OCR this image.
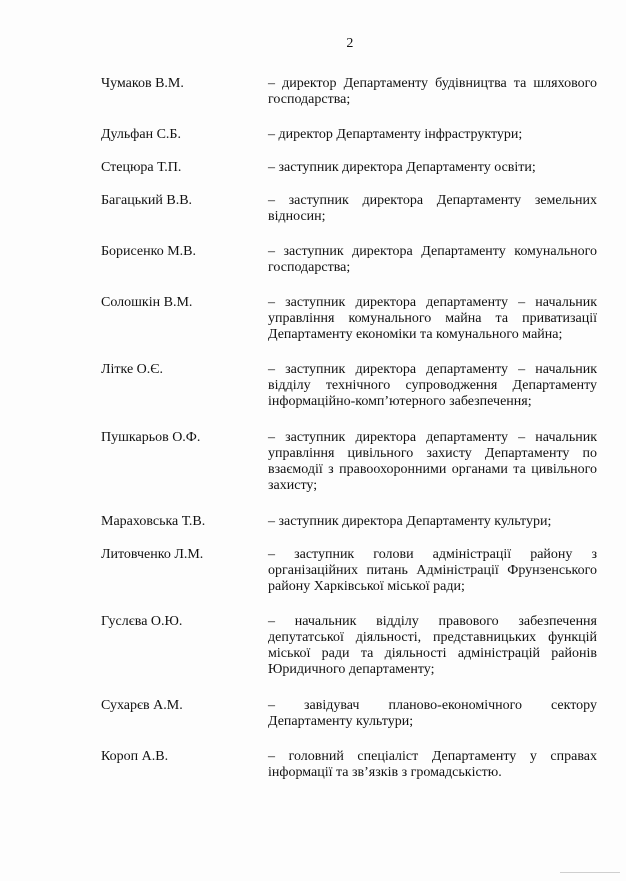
2
Чумаков В.М.	– директор Департаменту будівництва та шляхового господарства;
Дульфан С.Б.	– директор Департаменту інфраструктури;
Стецюра Т.П.	– заступник директора Департаменту освіти;
Багацький В.В.	– заступник директора Департаменту земельних відносин;
Борисенко М.В.	– заступник директора Департаменту комунального господарства;
Солошкін В.М.	– заступник директора департаменту – начальник управління комунального майна та приватизації Департаменту економіки та комунального майна;
Літке О.Є.	– заступник директора департаменту – начальник відділу технічного супроводження Департаменту інформаційно-комп’ютерного забезпечення;
Пушкарьов О.Ф.	– заступник директора департаменту – начальник управління цивільного захисту Департаменту по взаємодії з правоохоронними органами та цивільного захисту;
Мараховська Т.В.	– заступник директора Департаменту культури;
Литовченко Л.М.	– заступник голови адміністрації району з організаційних питань Адміністрації Фрунзенського району Харківської міської ради;
Гуслєва О.Ю.	– начальник відділу правового забезпечення депутатської діяльності, представницьких функцій міської ради та діяльності адміністрацій районів Юридичного департаменту;
Сухарєв А.М.	– завідувач планово-економічного сектору Департаменту культури;
Короп А.В.	– головний спеціаліст Департаменту у справах інформації та зв’язків з громадськістю.
